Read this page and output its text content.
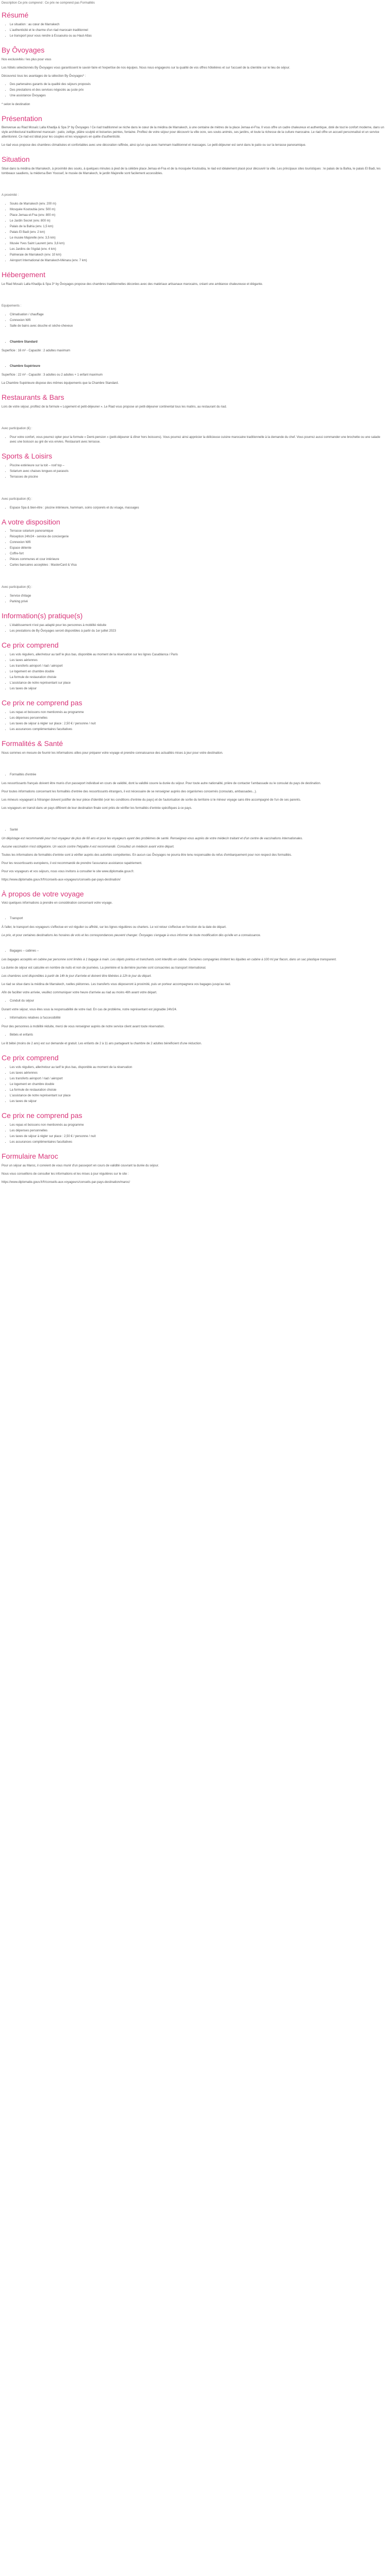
Description Ce prix comprend : Ce prix ne comprend pas Formalités
Résumé
• Le situation : au cœur de Marrakech
• L'authenticité et le charme d'un riad marocain traditionnel
• Le transport pour vous rendre à Essaouira ou au Haut-Atlas
By Ôvoyages

Nos exclusivités / les plus pour vous

Les hôtels sélectionnés By Ôvoyages vous garantissent le savoir-faire et l'expertise de nos équipes. Nous nous engageons sur la qualité de vos offres hôtelières et sur l'accueil de la clientèle sur le lieu de séjour.

Découvrez tous les avantages de la sélection By Ôvoyages* :

• Des partenaires garants de la qualité des séjours proposés
• Des prestations et des services négociés au juste prix
• Une assistance Ôvoyages

* selon le destination

Présentation

Bienvenue au Riad Mosaïc Lalla Khadija & Spa 3* by Ôvoyages ! Ce riad traditionnel se niche dans le cœur de la médina de Marrakech, à une centaine de mètres de la place Jemaa el-Fna. Il vous offre un cadre chaleureux et authentique, doté de tout le confort moderne, dans un style architectural traditionnel marocain : patio, zellige, plâtre sculpté et boiseries peintes, fontaine. Profitez de votre séjour pour découvrir la ville ocre, ses souks animés, ses jardins, et toute la richesse de la culture marocaine. Le riad offre un accueil personnalisé et un service attentionné. Ce riad est idéal pour les couples et les voyageurs en quête d'authenticité.

Le riad vous propose des chambres climatisées et confortables avec une décoration raffinée, ainsi qu'un spa avec hammam traditionnel et massages. Le petit-déjeuner est servi dans le patio ou sur la terrasse panoramique.

Situation

Situé dans la médina de Marrakech, à proximité des souks, à quelques minutes à pied de la célèbre place Jemaa el-Fna et de la mosquée Koutoubia, le riad est idéalement placé pour découvrir la ville. Les principaux sites touristiques : le palais de la Bahia, le palais El Badi, les tombeaux saadiens, la médersa Ben Youssef, le musée de Marrakech, le jardin Majorelle sont facilement accessibles.

A proximité :

• Souks de Marrakech (env. 200 m)
• Mosquée Koutoubia (env. 500 m)
• Place Jemaa el-Fna (env. 800 m)
• Le Jardin Secret (env. 800 m)
• Palais de la Bahia (env. 1,5 km)
• Palais El Badi (env. 2 km)
• Le musée Majorelle (env. 3,5 km)
• Musée Yves Saint Laurent (env. 3,6 km)
• Les Jardins de l'Agdal (env. 4 km)
• Palmeraie de Marrakech (env. 10 km)
• Aéroport International de Marrakech-Ménara (env. 7 km)
Hébergement

Le Riad Mosaïc Lalla Khadija & Spa 3* by Ôvoyages propose des chambres traditionnelles décorées avec des matériaux artisanaux marocains, créant une ambiance chaleureuse et élégante.

Equipements :

• Climatisation / chauffage
• Connexion Wifi
• Salle de bains avec douche et sèche-cheveux
• Chambre Standard

Superficie : 16 m² - Capacité : 2 adultes maximum

• Chambre Supérieure

Superficie : 22 m² - Capacité : 3 adultes ou 2 adultes + 1 enfant maximum

La Chambre Supérieure dispose des mêmes équipements que la Chambre Standard.

Restaurants & Bars

Lors de votre séjour, profitez de la formule « Logement et petit-déjeuner ». Le Riad vous propose un petit-déjeuner continental tous les matins, au restaurant du riad.

Avec participation (€) :

• Pour votre confort, vous pourrez opter pour la formule « Demi-pension » (petit-déjeuner & dîner hors boissons). Vous pourrez ainsi apprécier la délicieuse cuisine marocaine traditionnelle à la demande du chef. Vous pourrez aussi commander une brochette ou une salade avec une boisson au gré de vos envies. Restaurant avec terrasse.
Sports & Loisirs
• Piscine extérieure sur la toit – roof top –
• Solarium avec chaises longues et parasols
• Terrasses de piscine

Avec participation (€) :

• Espace Spa & bien-être : piscine intérieure, hammam, soins corporels et du visage, massages
A votre disposition
• Terrasse solarium panoramique
• Réception 24h/24 - service de conciergerie
• Connexion Wifi
• Espace détente
• Coffre-fort
• Pièces communes et cour intérieure
• Cartes bancaires acceptées : MasterCard & Visa

Avec participation (€) :

• Service d'étage
• Parking privé
Information(s) pratique(s)
• L'établissement n'est pas adapté pour les personnes à mobilité réduite
• Les prestations de By Ôvoyages seront disponibles à partir du 1er juillet 2023
Ce prix comprend
• Les vols réguliers, aller/retour au tarif le plus bas, disponible au moment de la réservation sur les lignes Casablanca / Paris
• Les taxes aériennes
• Les transferts aéroport / riad / aéroport
• Le logement en chambre double
• La formule de restauration choisie
• L'assistance de notre représentant sur place
• Les taxes de séjour
Ce prix ne comprend pas
• Les repas et boissons non mentionnés au programme
• Les dépenses personnelles
• Les taxes de séjour à régler sur place : 2,50 € / personne / nuit
• Les assurances complémentaires facultatives
Formalités & Santé

Nous sommes en mesure de fournir les informations utiles pour préparer votre voyage et prendre connaissance des actualités mises à jour pour votre destination.

• Formalités d'entrée

Les ressortissants français doivent être munis d'un passeport individuel en cours de validité, dont la validité couvre la durée du séjour. Pour toute autre nationalité, prière de contacter l'ambassade ou le consulat du pays de destination.

Pour toutes informations concernant les formalités d'entrée des ressortissants étrangers, il est nécessaire de se renseigner auprès des organismes concernés (consulats, ambassades...).

Les mineurs voyageant à l'étranger doivent justifier de leur pièce d'identité (voir les conditions d'entrée du pays) et de l'autorisation de sortie du territoire si le mineur voyage sans être accompagné de l'un de ses parents.

Les voyageurs en transit dans un pays différent de leur destination finale sont priés de vérifier les formalités d'entrée spécifiques à ce pays.

• Santé

Un dépistage est recommandé pour tout voyageur de plus de 60 ans et pour les voyageurs ayant des problèmes de santé. Renseignez-vous auprès de votre médecin traitant et d'un centre de vaccinations internationales.

Aucune vaccination n'est obligatoire. Un vaccin contre l'hépatite A est recommandé. Consultez un médecin avant votre départ.

Toutes les informations de formalités d'entrée sont à vérifier auprès des autorités compétentes. En aucun cas Ôvoyages ne pourra être tenu responsable du refus d'embarquement pour non respect des formalités.

Pour les ressortissants européens, il est recommandé de prendre l'assurance assistance rapatriement.

Pour vos voyageurs et vos séjours, nous vous invitons à consulter le site www.diplomatie.gouv.fr.

https://www.diplomatie.gouv.fr/fr/conseils-aux-voyageurs/conseils-par-pays-destination/

À propos de votre voyage

Voici quelques informations à prendre en considération concernant votre voyage.

• Transport

À l'aller, le transport des voyageurs s'effectue en vol régulier ou affrété, sur les lignes régulières ou charters. Le vol retour s'effectue en fonction de la date de départ.

Le prix, et pour certaines destinations les horaires de vols et les correspondances peuvent changer. Ôvoyages s'engage à vous informer de toute modification dès qu'elle en a connaissance.

• Bagages – cabines –

Les bagages acceptés en cabine par personne sont limités à 1 bagage à main. Les objets pointus et tranchants sont interdits en cabine. Certaines compagnies limitent les liquides en cabine à 100 ml par flacon, dans un sac plastique transparent.

La durée de séjour est calculée en nombre de nuits et non de journées. La première et la dernière journée sont consacrées au transport international.

Les chambres sont disponibles à partir de 14h le jour d'arrivée et doivent être libérées à 12h le jour du départ.

Le riad se situe dans la médina de Marrakech, ruelles piétonnes. Les transferts vous déposeront à proximité, puis un porteur accompagnera vos bagages jusqu'au riad.

Afin de faciliter votre arrivée, veuillez communiquer votre heure d'arrivée au riad au moins 48h avant votre départ.

• Conduit du séjour

Durant votre séjour, vous êtes sous la responsabilité de votre riad. En cas de problème, notre représentant est joignable 24h/24.

• Informations relatives à l'accessibilité

Pour des personnes à mobilité réduite, merci de vous renseigner auprès de notre service client avant toute réservation.

• Bébés et enfants

Le lit bébé (moins de 2 ans) est sur demande et gratuit. Les enfants de 2 à 11 ans partageant la chambre de 2 adultes bénéficient d'une réduction.

Ce prix comprend
• Les vols réguliers, aller/retour au tarif le plus bas, disponible au moment de la réservation
• Les taxes aériennes
• Les transferts aéroport / riad / aéroport
• Le logement en chambre double
• La formule de restauration choisie
• L'assistance de notre représentant sur place
• Les taxes de séjour
Ce prix ne comprend pas
• Les repas et boissons non mentionnés au programme
• Les dépenses personnelles
• Les taxes de séjour à régler sur place : 2,50 € / personne / nuit
• Les assurances complémentaires facultatives
Formulaire Maroc

Pour un séjour au Maroc, il convient de vous munir d'un passeport en cours de validité couvrant la durée du séjour.

Nous vous conseillons de consulter les informations et les mises à jour régulières sur le site :

https://www.diplomatie.gouv.fr/fr/conseils-aux-voyageurs/conseils-par-pays-destination/maroc/
